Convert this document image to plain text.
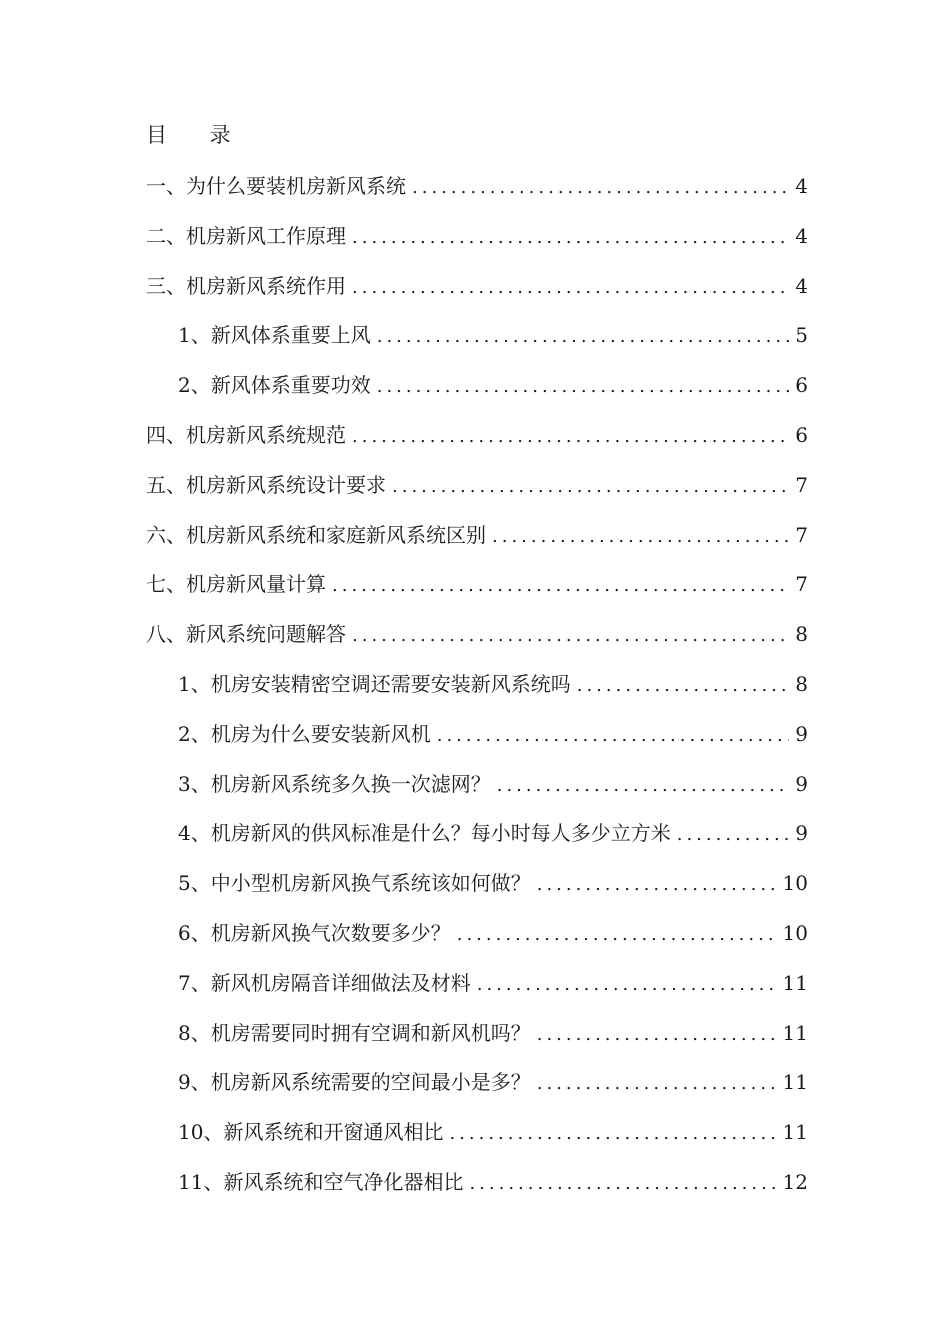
目 录
一、为什么要装机房新风系统 .....	4
二、机房新风工作原理 .....	4
三、机房新风系统作用 .....	4
1、新风体系重要上风 .....	5
2、新风体系重要功效 .....	6
四、机房新风系统规范 .....	6
五、机房新风系统设计要求 .....	7
六、机房新风系统和家庭新风系统区别 .....	7
七、机房新风量计算 .....	7
八、新风系统问题解答 .....	8
1、机房安装精密空调还需要安装新风系统吗 .....	8
2、机房为什么要安装新风机 .....	9
3、机房新风系统多久换一次滤网？ .....	9
4、机房新风的供风标准是什么？每小时每人多少立方米 .....	9
5、中小型机房新风换气系统该如何做？ .....	10
6、机房新风换气次数要多少？ .....	10
7、新风机房隔音详细做法及材料 .....	11
8、机房需要同时拥有空调和新风机吗？ .....	11
9、机房新风系统需要的空间最小是多？ .....	11
10、新风系统和开窗通风相比 .....	11
11、新风系统和空气净化器相比 .....	12
